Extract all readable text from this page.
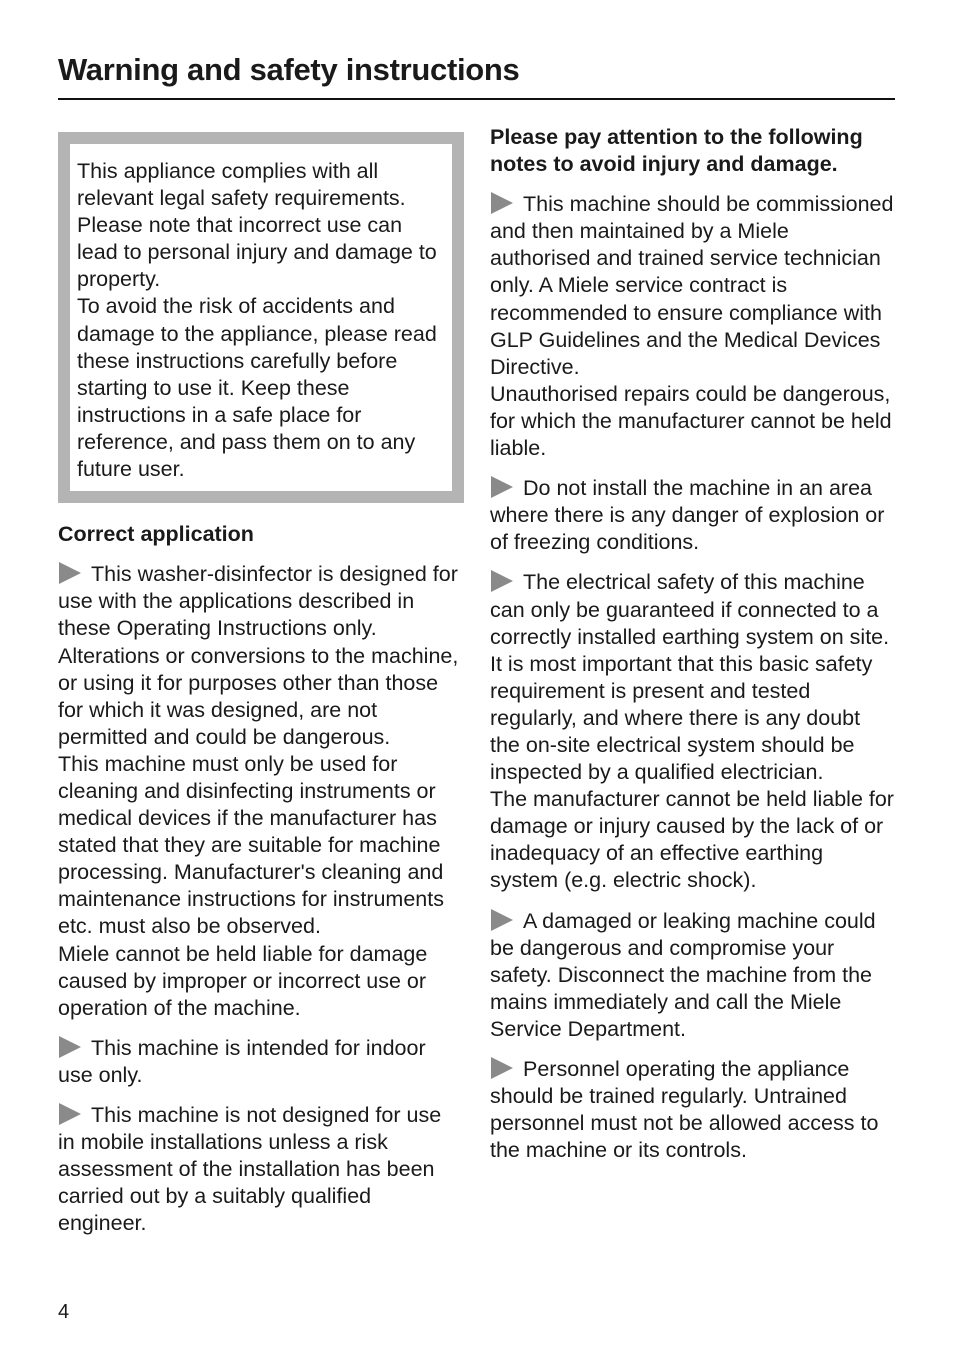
Warning and safety instructions

This appliance complies with all relevant legal safety requirements. Please note that incorrect use can lead to personal injury and damage to property.

To avoid the risk of accidents and damage to the appliance, please read these instructions carefully before starting to use it. Keep these instructions in a safe place for reference, and pass them on to any future user.

Correct application

This washer-disinfector is designed for use with the applications described in these Operating Instructions only. Alterations or conversions to the machine, or using it for purposes other than those for which it was designed, are not permitted and could be dangerous.

This machine must only be used for cleaning and disinfecting instruments or medical devices if the manufacturer has stated that they are suitable for machine processing. Manufacturer's cleaning and maintenance instructions for instruments etc. must also be observed.

Miele cannot be held liable for damage caused by improper or incorrect use or operation of the machine.

This machine is intended for indoor use only.

This machine is not designed for use in mobile installations unless a risk assessment of the installation has been carried out by a suitably qualified engineer.

Please pay attention to the following notes to avoid injury and damage.

This machine should be commissioned and then maintained by a Miele authorised and trained service technician only. A Miele service contract is recommended to ensure compliance with GLP Guidelines and the Medical Devices Directive.

Unauthorised repairs could be dangerous, for which the manufacturer cannot be held liable.

Do not install the machine in an area where there is any danger of explosion or of freezing conditions.

The electrical safety of this machine can only be guaranteed if connected to a correctly installed earthing system on site. It is most important that this basic safety requirement is present and tested regularly, and where there is any doubt the on-site electrical system should be inspected by a qualified electrician.

The manufacturer cannot be held liable for damage or injury caused by the lack of or inadequacy of an effective earthing system (e.g. electric shock).

A damaged or leaking machine could be dangerous and compromise your safety. Disconnect the machine from the mains immediately and call the Miele Service Department.

Personnel operating the appliance should be trained regularly. Untrained personnel must not be allowed access to the machine or its controls.

4
